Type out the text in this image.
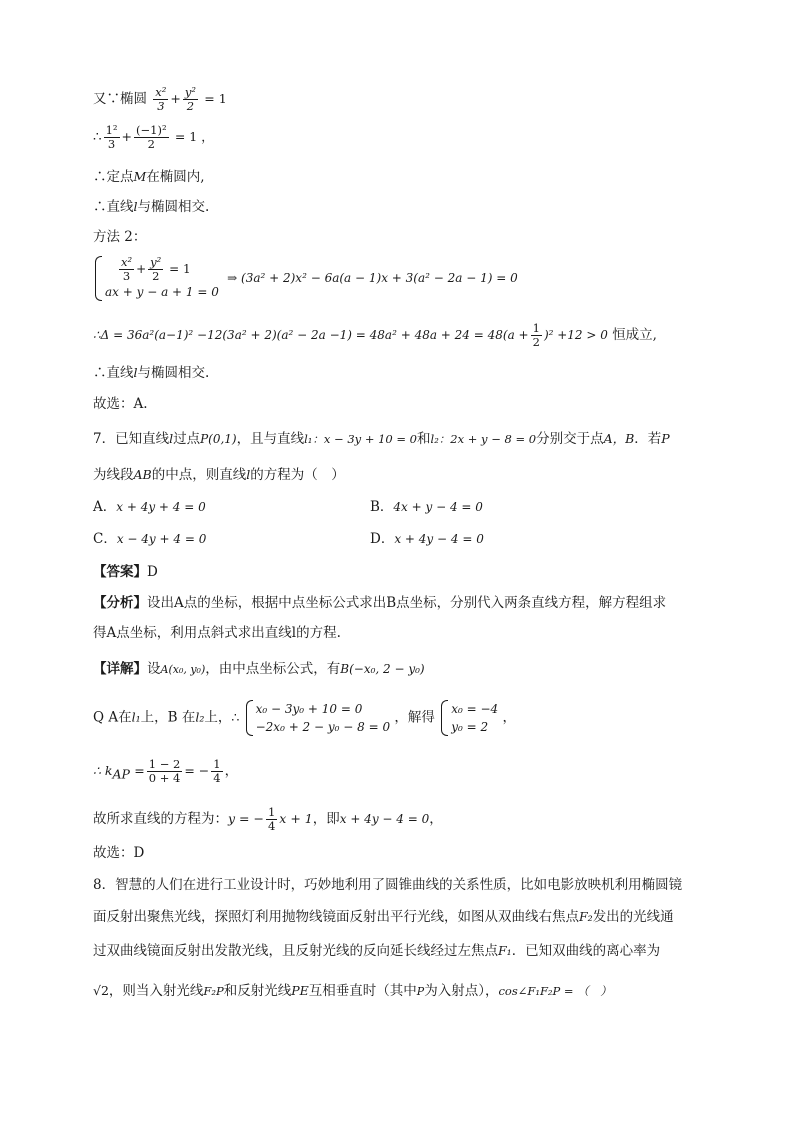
又∵椭圆 $\frac{\text{x²}}{3} + \frac{\text{y²}}{2} = 1$
∴ $\frac{\text{1²}}{3} + \frac{\text{(−1)²}}{2} = 1$ ，
∴定点M在椭圆内,
∴直线l与椭圆相交.
方法 2：
$\frac{\text{x²}}{3} + \frac{\text{y²}}{2} = 1$
ax + y − a + 1 = 0
⇒ (3a² + 2)x² − 6a(a − 1)x + 3(a² − 2a − 1) = 0
∴Δ = $36a^2(a-1)^2 -12(3a^2 + 2)(a^2 - 2a -1) = 48a^2 + 48a + 24 = 48(a + \frac{1}{2} )^2 +12 > 0$ 恒成立,
∴直线l与椭圆相交.
故选：A.
7．已知直线l过点P(0,1)，且与直线l₁：x − 3y + 10 = 0和l₂：2x + y − 8 = 0分别交于点A，B．若P
为线段AB的中点，则直线l的方程为（　）
A．x + 4y + 4 = 0	B．4x + y − 4 = 0
C．x − 4y + 4 = 0	D．x + 4y − 4 = 0
【答案】D
【分析】设出A点的坐标，根据中点坐标公式求出B点坐标，分别代入两条直线方程，解方程组求
得A点坐标，利用点斜式求出直线l的方程.
【详解】设A(x₀, y₀)，由中点坐标公式，有B(−x₀, 2 − y₀)
Q A在l₁上，B 在l₂上，∴
x₀ − 3y₀ + 10 = 0
−2x₀ + 2 − y₀ − 8 = 0
，解得
x₀ = −4
y₀ = 2
，
∴ $k_{AP} = \frac{1 - 2}{0 + 4}$ = − $\frac{1}{4}$ ，
故所求直线的方程为：y = − $\frac{1}{4}$ x + 1，即x + 4y − 4 = 0，
故选：D
8．智慧的人们在进行工业设计时，巧妙地利用了圆锥曲线的关系性质，比如电影放映机利用椭圆镜
面反射出聚焦光线，探照灯利用抛物线镜面反射出平行光线，如图从双曲线右焦点F₂发出的光线通
过双曲线镜面反射出发散光线，且反射光线的反向延长线经过左焦点F₁．已知双曲线的离心率为
√2，则当入射光线F₂P和反射光线PE互相垂直时（其中P为入射点），cos∠F₁F₂P = （　）
